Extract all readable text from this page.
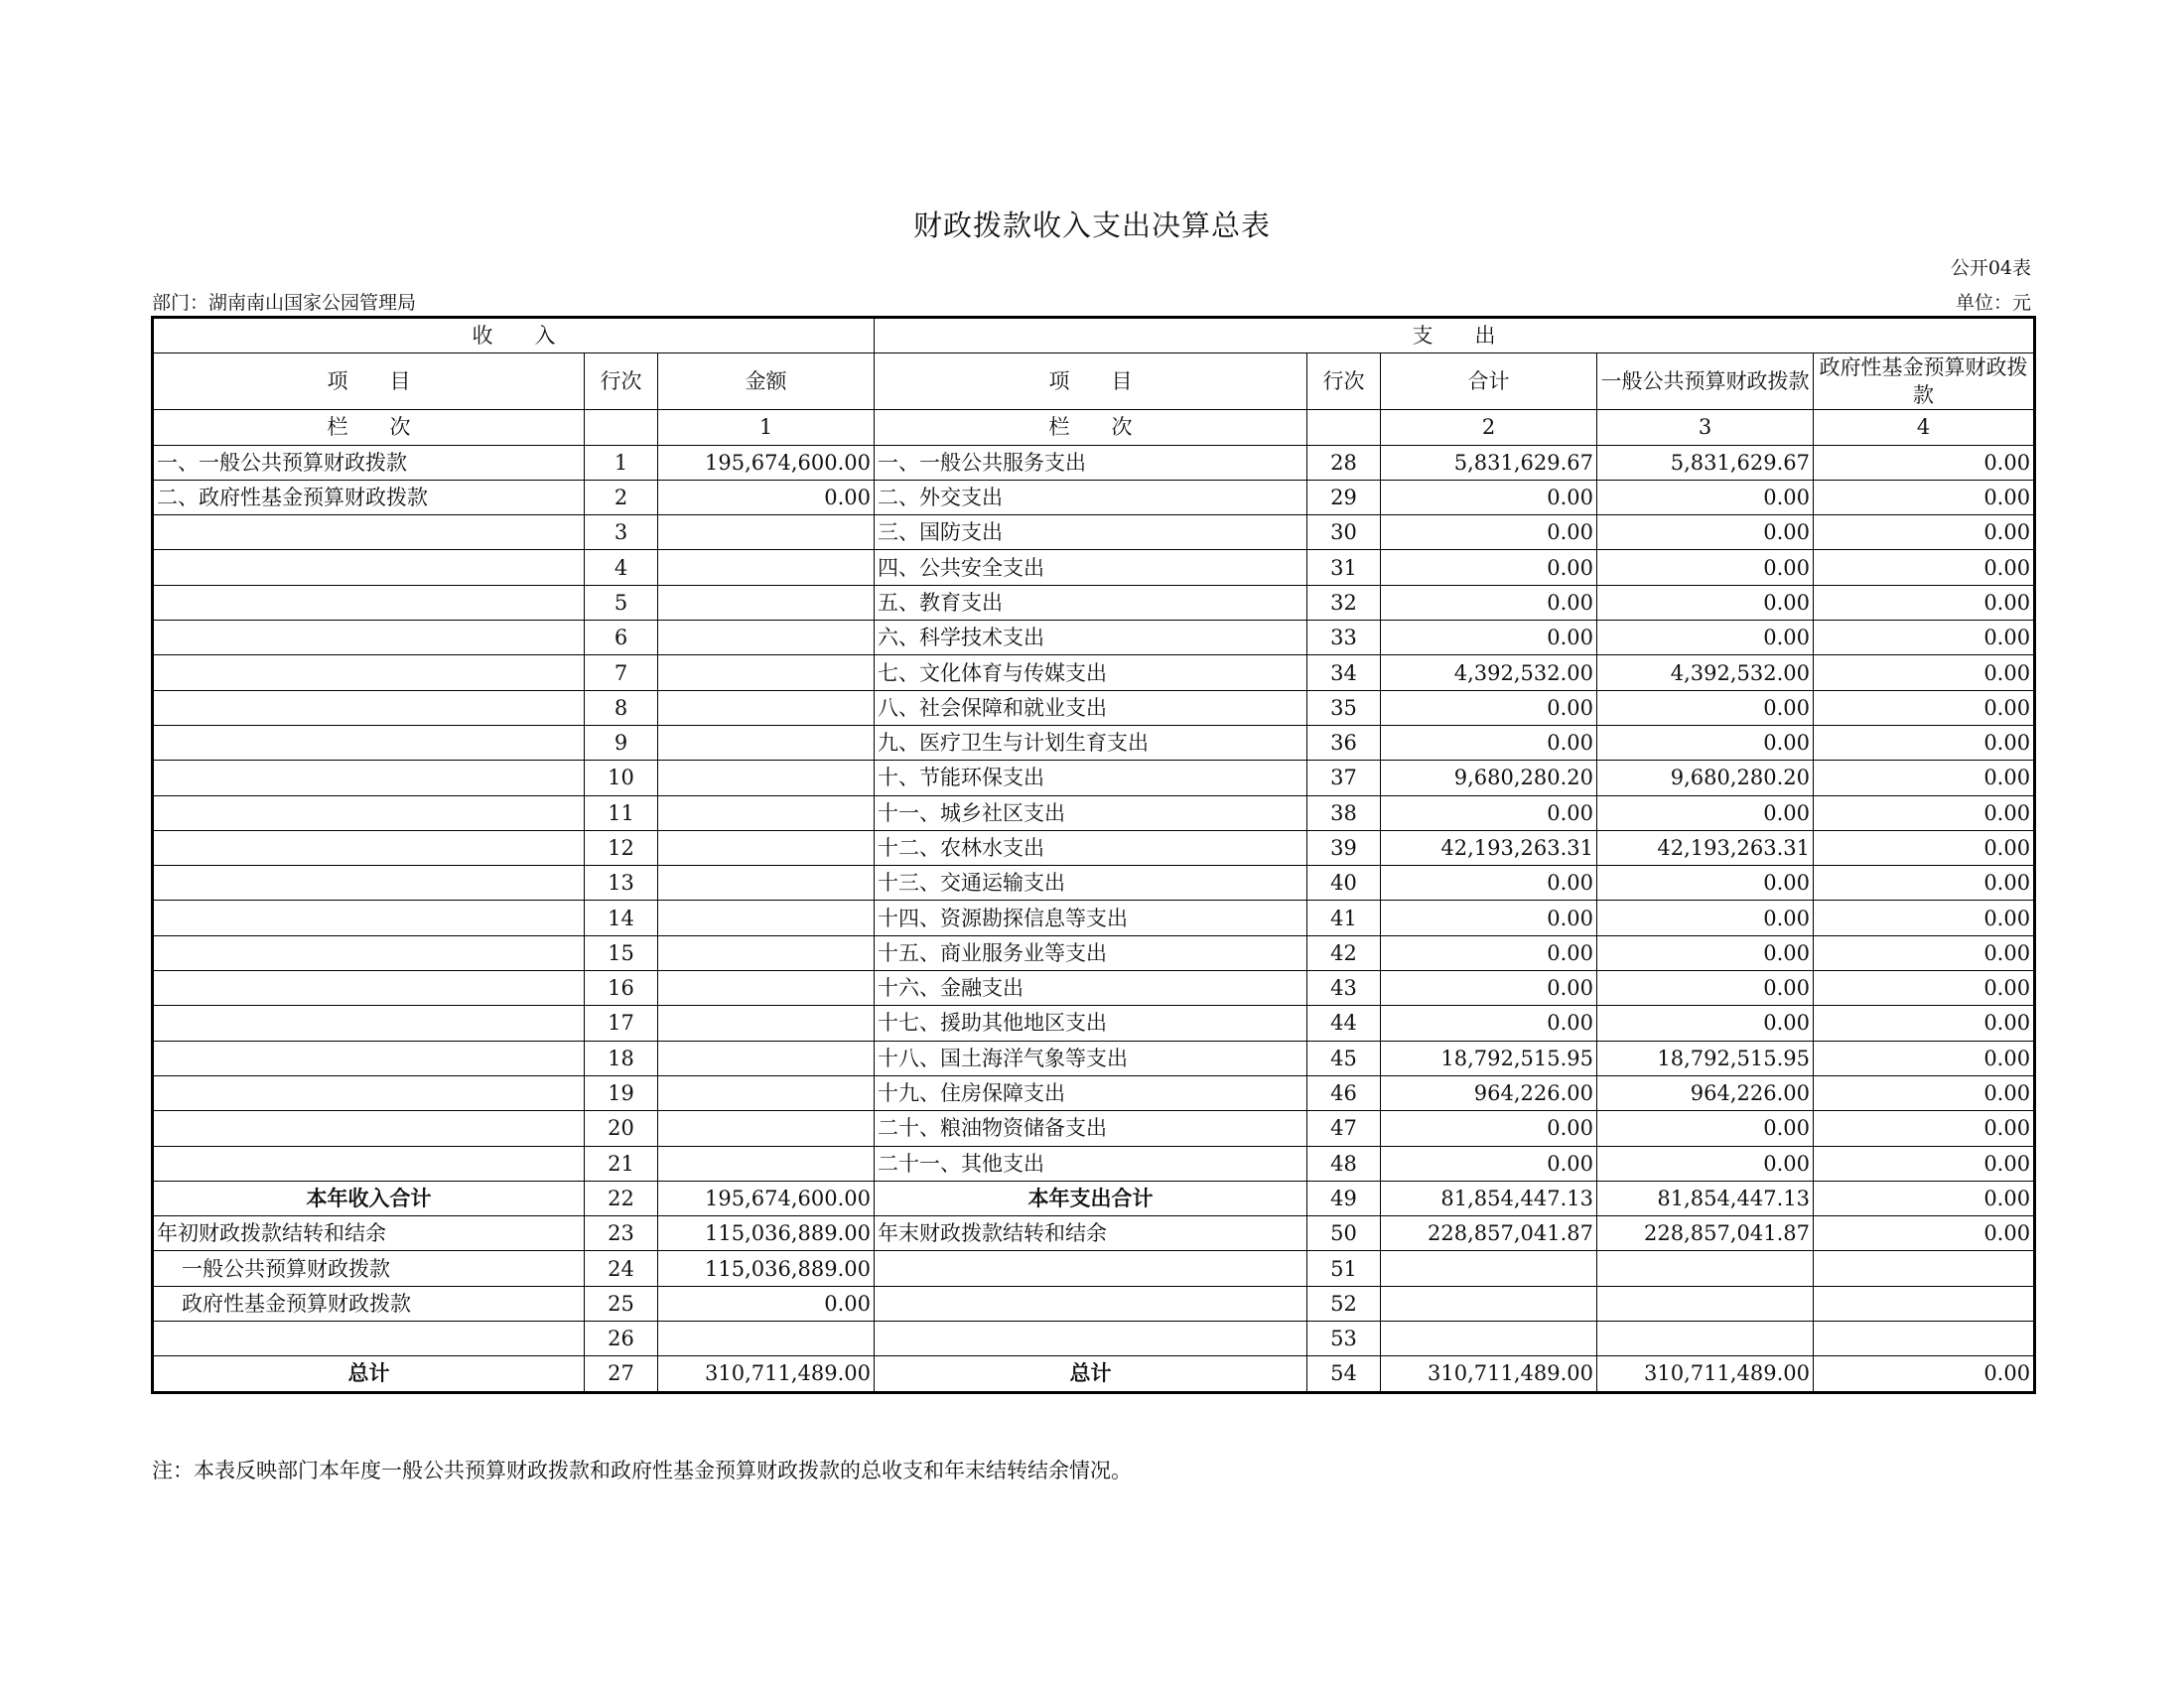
财政拨款收入支出决算总表
公开04表
部门：湖南南山国家公园管理局	单位：元
收　　入			支　　出				
项　　目	行次	金额	项　　目	行次	合计	一般公共预算财政拨款	政府性基金预算财政拨款
栏　　次		1	栏　　次		2	3	4
一、一般公共预算财政拨款	1	195,674,600.00	一、一般公共服务支出	28	5,831,629.67	5,831,629.67	0.00
二、政府性基金预算财政拨款	2	0.00	二、外交支出	29	0.00	0.00	0.00
	3		三、国防支出	30	0.00	0.00	0.00
	4		四、公共安全支出	31	0.00	0.00	0.00
	5		五、教育支出	32	0.00	0.00	0.00
	6		六、科学技术支出	33	0.00	0.00	0.00
	7		七、文化体育与传媒支出	34	4,392,532.00	4,392,532.00	0.00
	8		八、社会保障和就业支出	35	0.00	0.00	0.00
	9		九、医疗卫生与计划生育支出	36	0.00	0.00	0.00
	10		十、节能环保支出	37	9,680,280.20	9,680,280.20	0.00
	11		十一、城乡社区支出	38	0.00	0.00	0.00
	12		十二、农林水支出	39	42,193,263.31	42,193,263.31	0.00
	13		十三、交通运输支出	40	0.00	0.00	0.00
	14		十四、资源勘探信息等支出	41	0.00	0.00	0.00
	15		十五、商业服务业等支出	42	0.00	0.00	0.00
	16		十六、金融支出	43	0.00	0.00	0.00
	17		十七、援助其他地区支出	44	0.00	0.00	0.00
	18		十八、国土海洋气象等支出	45	18,792,515.95	18,792,515.95	0.00
	19		十九、住房保障支出	46	964,226.00	964,226.00	0.00
	20		二十、粮油物资储备支出	47	0.00	0.00	0.00
	21		二十一、其他支出	48	0.00	0.00	0.00
本年收入合计	22	195,674,600.00	本年支出合计	49	81,854,447.13	81,854,447.13	0.00
年初财政拨款结转和结余	23	115,036,889.00	年末财政拨款结转和结余	50	228,857,041.87	228,857,041.87	0.00
一般公共预算财政拨款	24	115,036,889.00		51			
政府性基金预算财政拨款	25	0.00		52			
	26			53			
总计	27	310,711,489.00	总计	54	310,711,489.00	310,711,489.00	0.00
注：本表反映部门本年度一般公共预算财政拨款和政府性基金预算财政拨款的总收支和年末结转结余情况。
